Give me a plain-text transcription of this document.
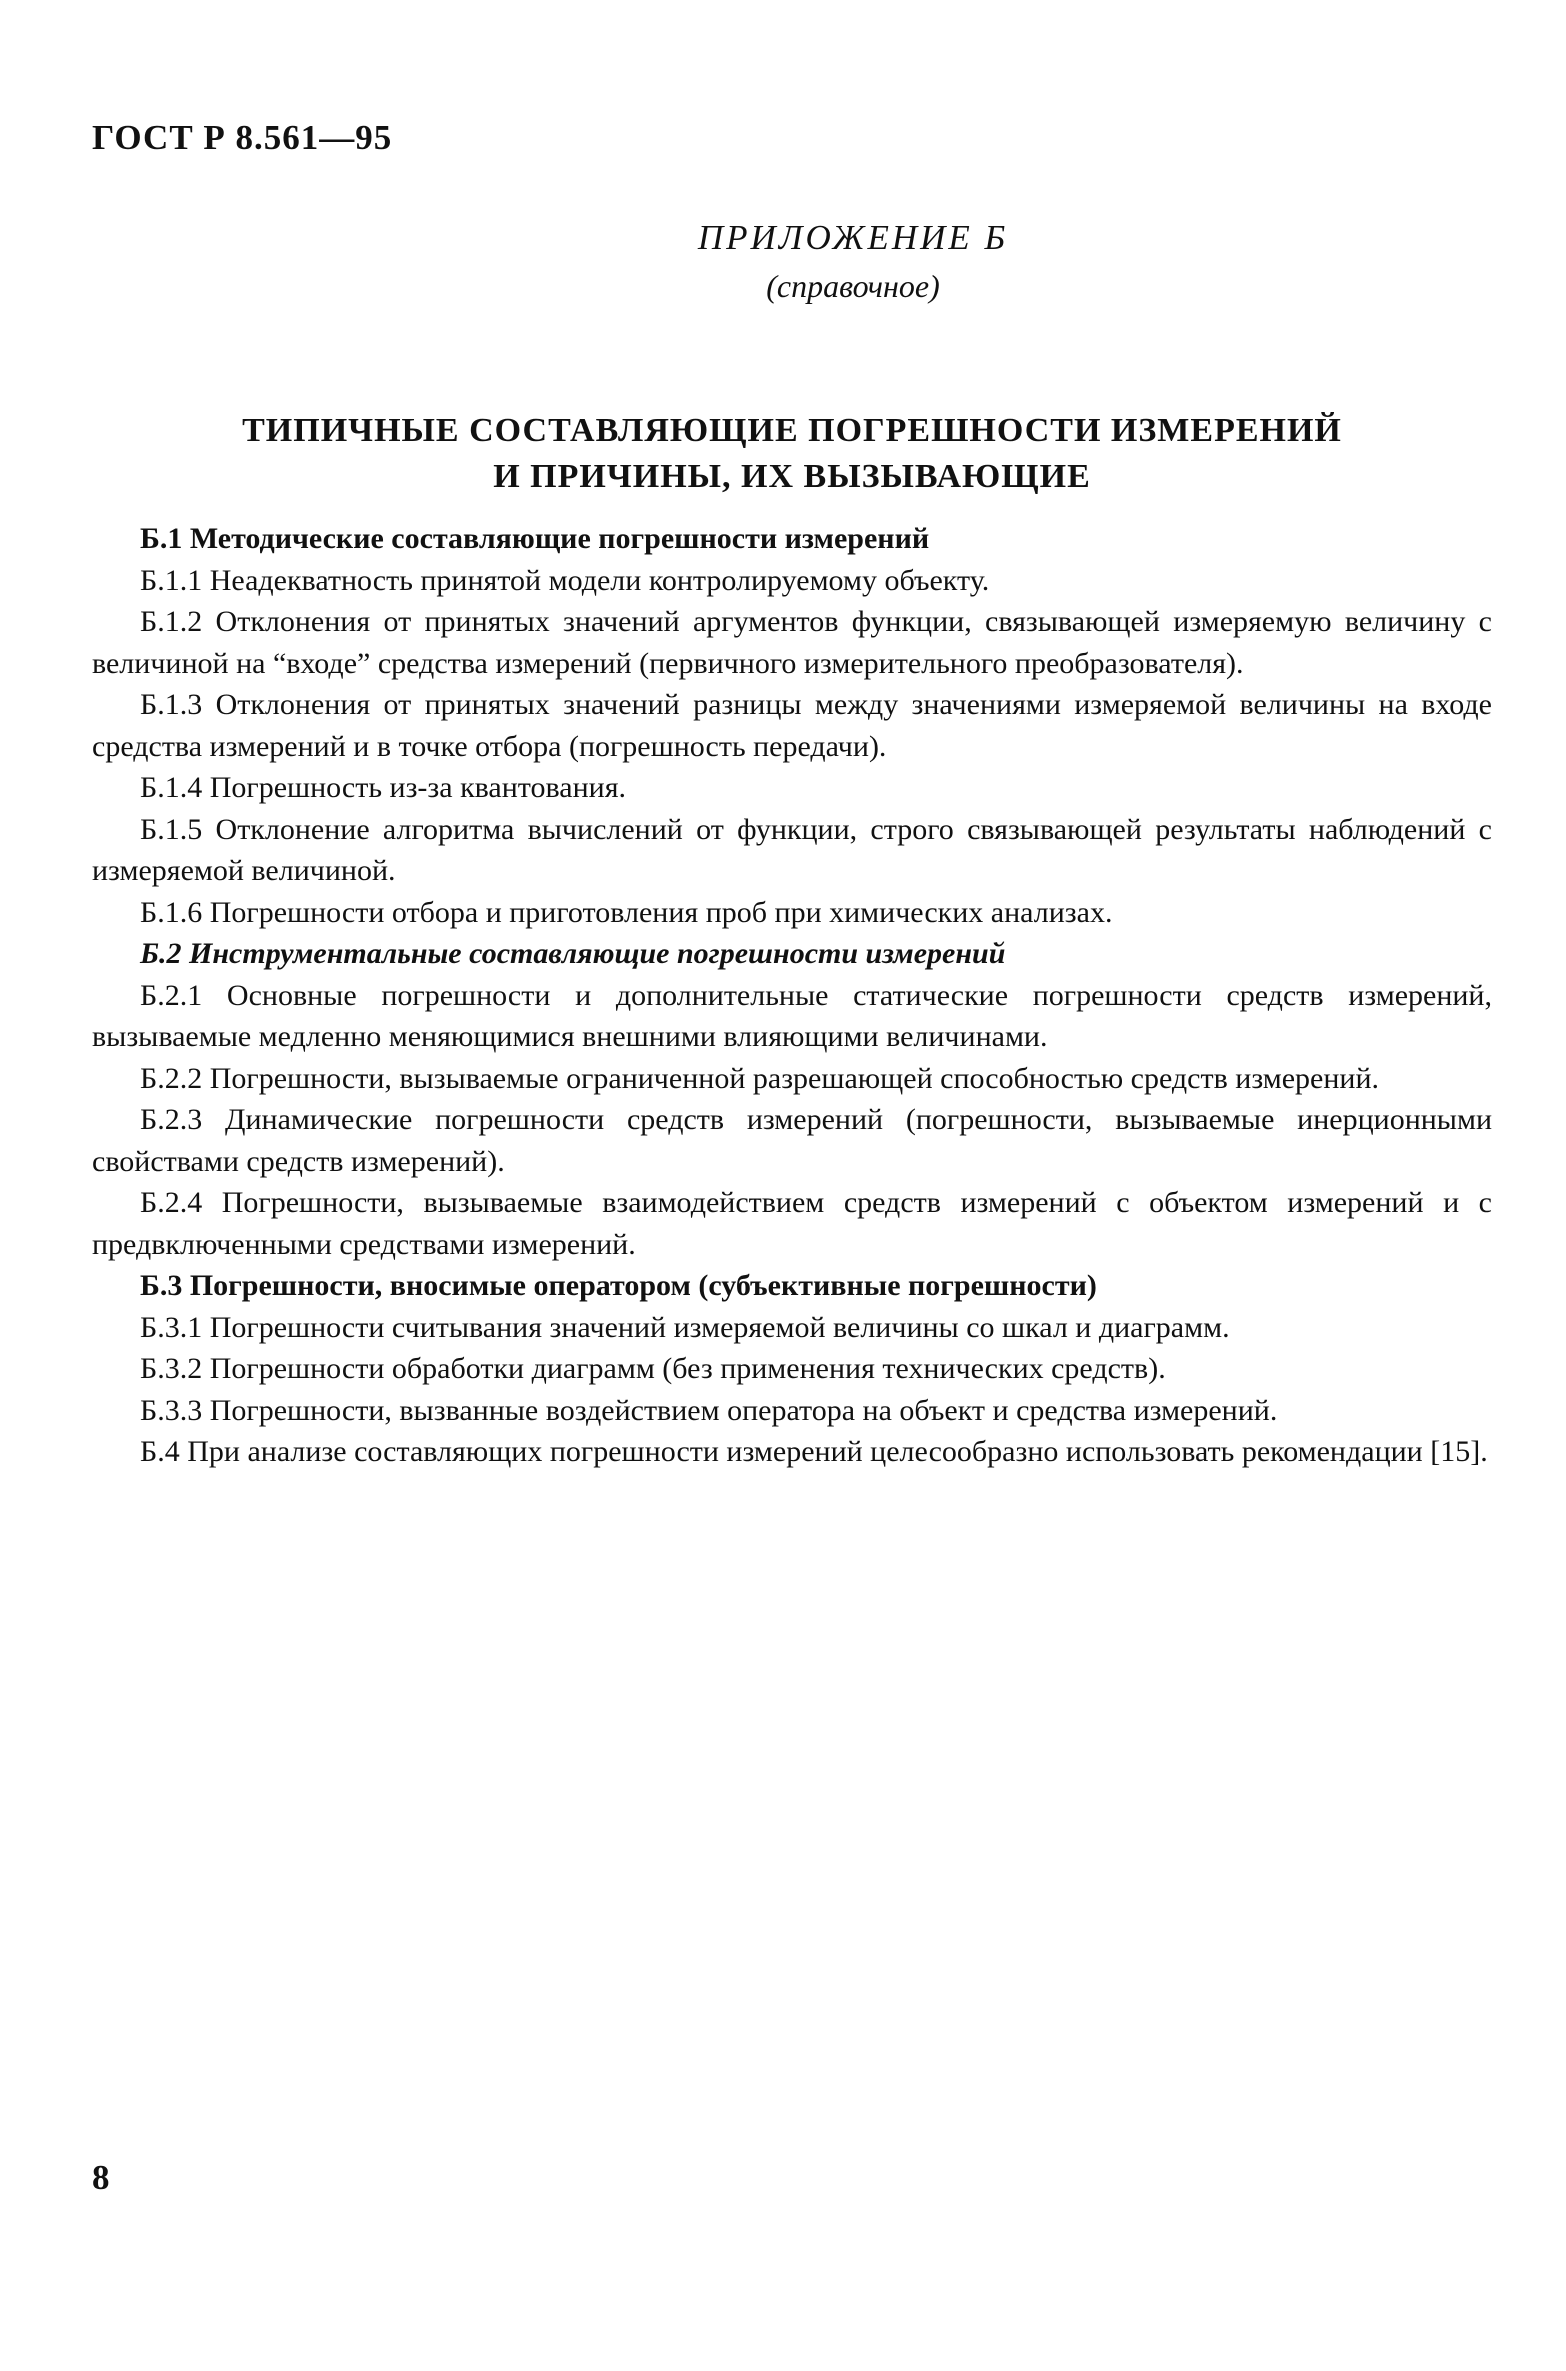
ГОСТ Р 8.561—95
ПРИЛОЖЕНИЕ Б
(справочное)
ТИПИЧНЫЕ СОСТАВЛЯЮЩИЕ ПОГРЕШНОСТИ ИЗМЕРЕНИЙ
И ПРИЧИНЫ, ИХ ВЫЗЫВАЮЩИЕ

Б.1 Методические составляющие погрешности измерений

Б.1.1 Неадекватность принятой модели контролируемому объекту.

Б.1.2 Отклонения от принятых значений аргументов функции, связывающей измеряемую величину с величиной на “входе” средства измерений (первичного измерительного преобразователя).

Б.1.3 Отклонения от принятых значений разницы между значениями измеряемой величины на входе средства измерений и в точке отбора (погрешность передачи).

Б.1.4 Погрешность из-за квантования.

Б.1.5 Отклонение алгоритма вычислений от функции, строго связывающей результаты наблюдений с измеряемой величиной.

Б.1.6 Погрешности отбора и приготовления проб при химических анализах.

Б.2 Инструментальные составляющие погрешности измерений

Б.2.1 Основные погрешности и дополнительные статические погрешности средств измерений, вызываемые медленно меняющимися внешними влияющими величинами.

Б.2.2 Погрешности, вызываемые ограниченной разрешающей способностью средств измерений.

Б.2.3 Динамические погрешности средств измерений (погрешности, вызываемые инерционными свойствами средств измерений).

Б.2.4 Погрешности, вызываемые взаимодействием средств измерений с объектом измерений и с предвключенными средствами измерений.

Б.3 Погрешности, вносимые оператором (субъективные погрешности)

Б.3.1 Погрешности считывания значений измеряемой величины со шкал и диаграмм.

Б.3.2 Погрешности обработки диаграмм (без применения технических средств).

Б.3.3 Погрешности, вызванные воздействием оператора на объект и средства измерений.

Б.4 При анализе составляющих погрешности измерений целесообразно использовать рекомендации [15].

8
